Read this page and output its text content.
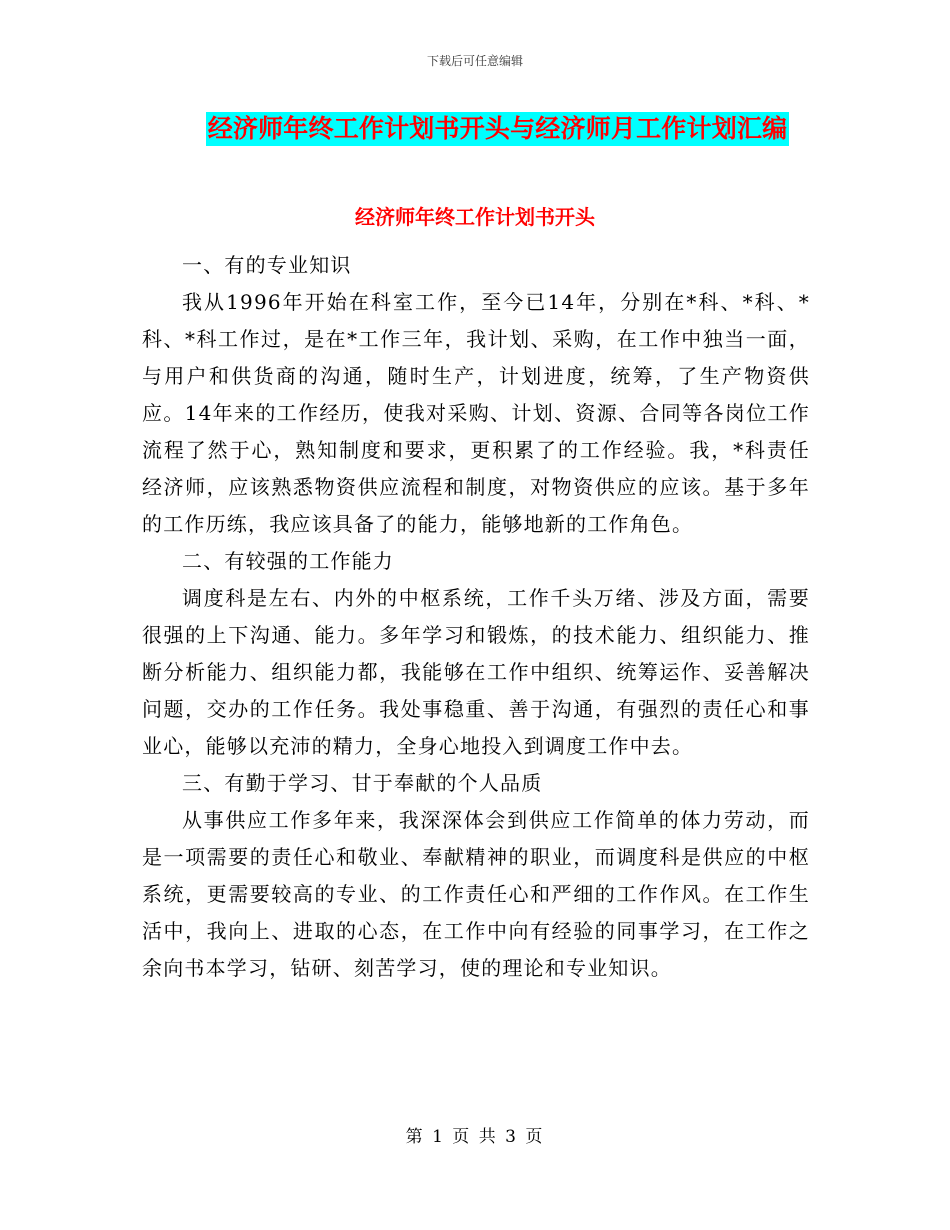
下载后可任意编辑
经济师年终工作计划书开头与经济师月工作计划汇编
经济师年终工作计划书开头

一、有的专业知识

我从1996年开始在科室工作，至今已14年，分别在*科、*科、*科、*科工作过，是在*工作三年，我计划、采购，在工作中独当一面，与用户和供货商的沟通，随时生产，计划进度，统筹，了生产物资供应。14年来的工作经历，使我对采购、计划、资源、合同等各岗位工作流程了然于心，熟知制度和要求，更积累了的工作经验。我，*科责任经济师，应该熟悉物资供应流程和制度，对物资供应的应该。基于多年的工作历练，我应该具备了的能力，能够地新的工作角色。

二、有较强的工作能力

调度科是左右、内外的中枢系统，工作千头万绪、涉及方面，需要很强的上下沟通、能力。多年学习和锻炼，的技术能力、组织能力、推断分析能力、组织能力都，我能够在工作中组织、统筹运作、妥善解决问题，交办的工作任务。我处事稳重、善于沟通，有强烈的责任心和事业心，能够以充沛的精力，全身心地投入到调度工作中去。

三、有勤于学习、甘于奉献的个人品质

从事供应工作多年来，我深深体会到供应工作简单的体力劳动，而是一项需要的责任心和敬业、奉献精神的职业，而调度科是供应的中枢系统，更需要较高的专业、的工作责任心和严细的工作作风。在工作生活中，我向上、进取的心态，在工作中向有经验的同事学习，在工作之余向书本学习，钻研、刻苦学习，使的理论和专业知识。

第 1 页 共 3 页
